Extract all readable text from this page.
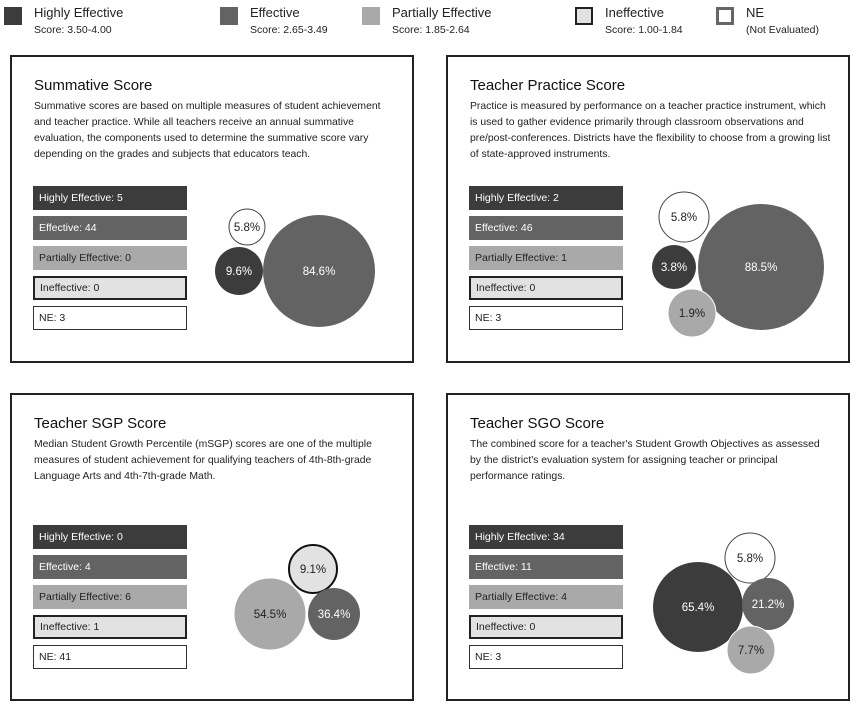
Highly Effective
Score: 3.50-4.00
Effective
Score: 2.65-3.49
Partially Effective
Score: 1.85-2.64
Ineffective
Score: 1.00-1.84
NE
(Not Evaluated)
Summative Score
Summative scores are based on multiple measures of student achievement and teacher practice. While all teachers receive an annual summative evaluation, the components used to determine the summative score vary depending on the grades and subjects that educators teach.
Highly Effective: 5
Effective: 44
Partially Effective: 0
Ineffective: 0
NE: 3
5.8%
9.6%	84.6%
Teacher Practice Score
Practice is measured by performance on a teacher practice instrument, which is used to gather evidence primarily through classroom observations and pre/post-conferences. Districts have the flexibility to choose from a growing list of state-approved instruments.
Highly Effective: 2
Effective: 46
Partially Effective: 1
Ineffective: 0
NE: 3
5.8%
3.8%	88.5%
1.9%
Teacher SGP Score
Median Student Growth Percentile (mSGP) scores are one of the multiple measures of student achievement for qualifying teachers of 4th-8th-grade Language Arts and 4th-7th-grade Math.
Highly Effective: 0
Effective: 4
Partially Effective: 6
Ineffective: 1
NE: 41
9.1%
54.5%	36.4%
Teacher SGO Score
The combined score for a teacher's Student Growth Objectives as assessed by the district's evaluation system for assigning teacher or principal performance ratings.
Highly Effective: 34
Effective: 11
Partially Effective: 4
Ineffective: 0
NE: 3
5.8%
65.4%	21.2%
7.7%
